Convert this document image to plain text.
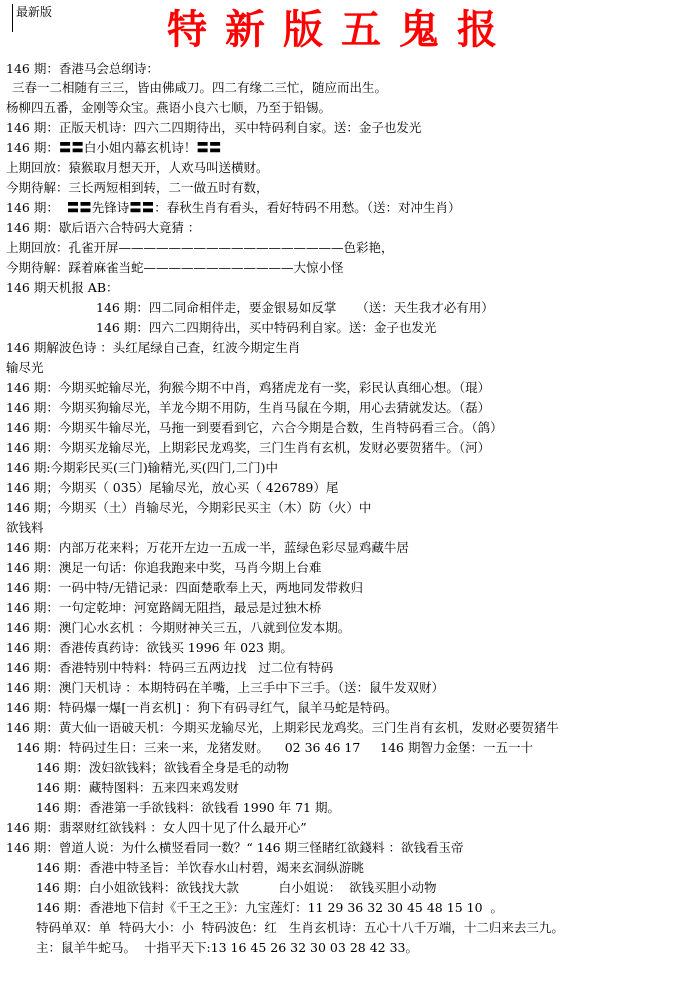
最新版	特新版五鬼报
146 期：香港马会总纲诗：
三春一二相随有三三，皆由佛咸刀。四二有缘二三忙，随应而出生。
杨柳四五番，金刚等众宝。燕语小良六七顺，乃至于铅锡。
146 期：正版天机诗：四六二四期待出，买中特码利自家。送：金子也发光
146 期：〓〓白小姐内幕玄机诗！〓〓
上期回放：猿猴取月想天开，人欢马叫送横财。
今期待解：三长两短相到转，二一做五时有数，
146 期：  〓〓先锋诗〓〓：春秋生肖有看头，看好特码不用愁。（送：对冲生肖）
146 期：歇后语六合特码大竟猜 ：
上期回放：孔雀开屏——————————————————色彩艳，
今期待解：踩着麻雀当蛇————————————大惊小怪
146 期天机报 AB：
146 期：四二同命相伴走，要金银易如反掌     （送：天生我才必有用）
146 期：四六二四期待出，买中特码利自家。送：金子也发光
146 期解波色诗 ：头红尾绿自己查，红波今期定生肖
输尽光
146 期：今期买蛇输尽光，狗猴今期不中肖，鸡猪虎龙有一奖，彩民认真细心想。（琨）
146 期：今期买狗输尽光，羊龙今期不用防，生肖马鼠在今期，用心去猜就发达。（磊）
146 期：今期买牛输尽光，马拖一到要看到它，六合今期是合数，生肖特码看三合。（鸽）
146 期：今期买龙输尽光，上期彩民龙鸡奖，三门生肖有玄机，发财必要贺猪牛。（河）
146 期:今期彩民买(三门)输精光,买(四门,二门)中
146 期；今期买（ 035）尾输尽光，放心买（ 426789）尾
146 期；今期买（土）肖输尽光，今期彩民买主（木）防（火）中
欲钱料
146 期：内部万花来料；万花开左边一五成一半，蓝绿色彩尽显鸡藏牛居
146 期：澳足一句话：你追我跑来中奖，马肖今期上台难
146 期：一码中特/无错记录：四面楚歌奉上天，两地同发带救归
146 期：一句定乾坤：河宽路阔无阻挡，最忌是过独木桥
146 期：澳门心水玄机 ：今期财神关三五，八就到位发本期。
146 期：香港传真药诗：欲钱买 1996 年 023 期。
146 期：香港特别中特料：特码三五两边找   过二位有特码
146 期：澳门天机诗 ：本期特码在羊嘴，上三手中下三手。（送：鼠牛发双财）
146 期：特码爆一爆[一肖玄机] ：狗下有码寻红气，鼠羊马蛇是特码。
146 期：黄大仙一语破天机：今期买龙输尽光，上期彩民龙鸡奖。三门生肖有玄机，发财必要贺猪牛
146 期：特码过生日：三来一来，龙猪发财。    02 36 46 17     146 期智力金堡：一五一十
146 期：泼妇欲钱料；欲钱看全身是毛的动物
146 期：藏特图料：五来四来鸡发财
146 期：香港第一手欲钱料：欲钱看 1990 年 71 期。
146 期：翡翠财红欲钱料 ：女人四十见了什么最开心”
146 期：曾道人说：为什么横竖看同一数？“ 146 期三怪睹红欲錢料 ：欲钱看玉帝
146 期：香港中特圣旨：羊饮春水山村碧，竭来玄洞纵游眺
146 期：白小姐欲钱料：欲钱找大款          白小姐说：  欲钱买胆小动物
146 期：香港地下信封《千王之王》：九宝莲灯：11 29 36 32 30 45 48 15 10  。
特码单双：单  特码大小：小  特码波色：红   生肖玄机诗：五心十八千万端，十二归来去三九。
主：鼠羊牛蛇马。  十指平天下:13 16 45 26 32 30 03 28 42 33。
